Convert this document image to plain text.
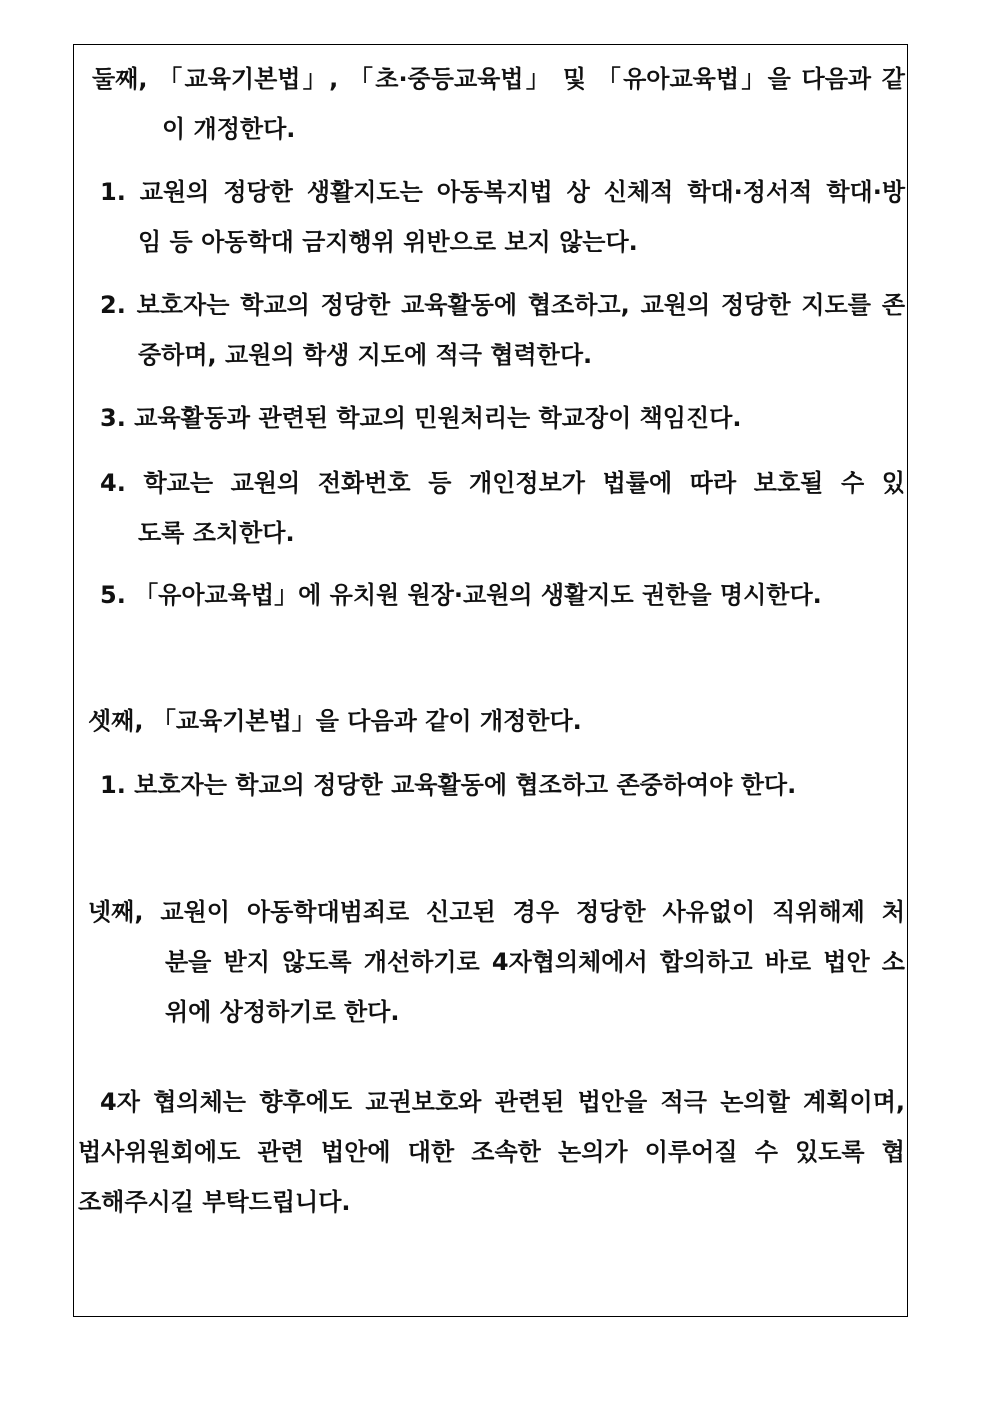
둘째, 「교육기본법」, 「초·중등교육법」 및 「유아교육법」을 다음과 같
이 개정한다.
1. 교원의 정당한 생활지도는 아동복지법 상 신체적 학대·정서적 학대·방
임 등 아동학대 금지행위 위반으로 보지 않는다.
2. 보호자는 학교의 정당한 교육활동에 협조하고, 교원의 정당한 지도를 존
중하며, 교원의 학생 지도에 적극 협력한다.
3. 교육활동과 관련된 학교의 민원처리는 학교장이 책임진다.
4. 학교는 교원의 전화번호 등 개인정보가 법률에 따라 보호될 수 있
도록 조치한다.
5. 「유아교육법」에 유치원 원장·교원의 생활지도 권한을 명시한다.
셋째, 「교육기본법」을 다음과 같이 개정한다.
1. 보호자는 학교의 정당한 교육활동에 협조하고 존중하여야 한다.
넷째, 교원이 아동학대범죄로 신고된 경우 정당한 사유없이 직위해제 처
분을 받지 않도록 개선하기로 4자협의체에서 합의하고 바로 법안 소
위에 상정하기로 한다.
4자 협의체는 향후에도 교권보호와 관련된 법안을 적극 논의할 계획이며,
법사위원회에도 관련 법안에 대한 조속한 논의가 이루어질 수 있도록 협
조해주시길 부탁드립니다.
